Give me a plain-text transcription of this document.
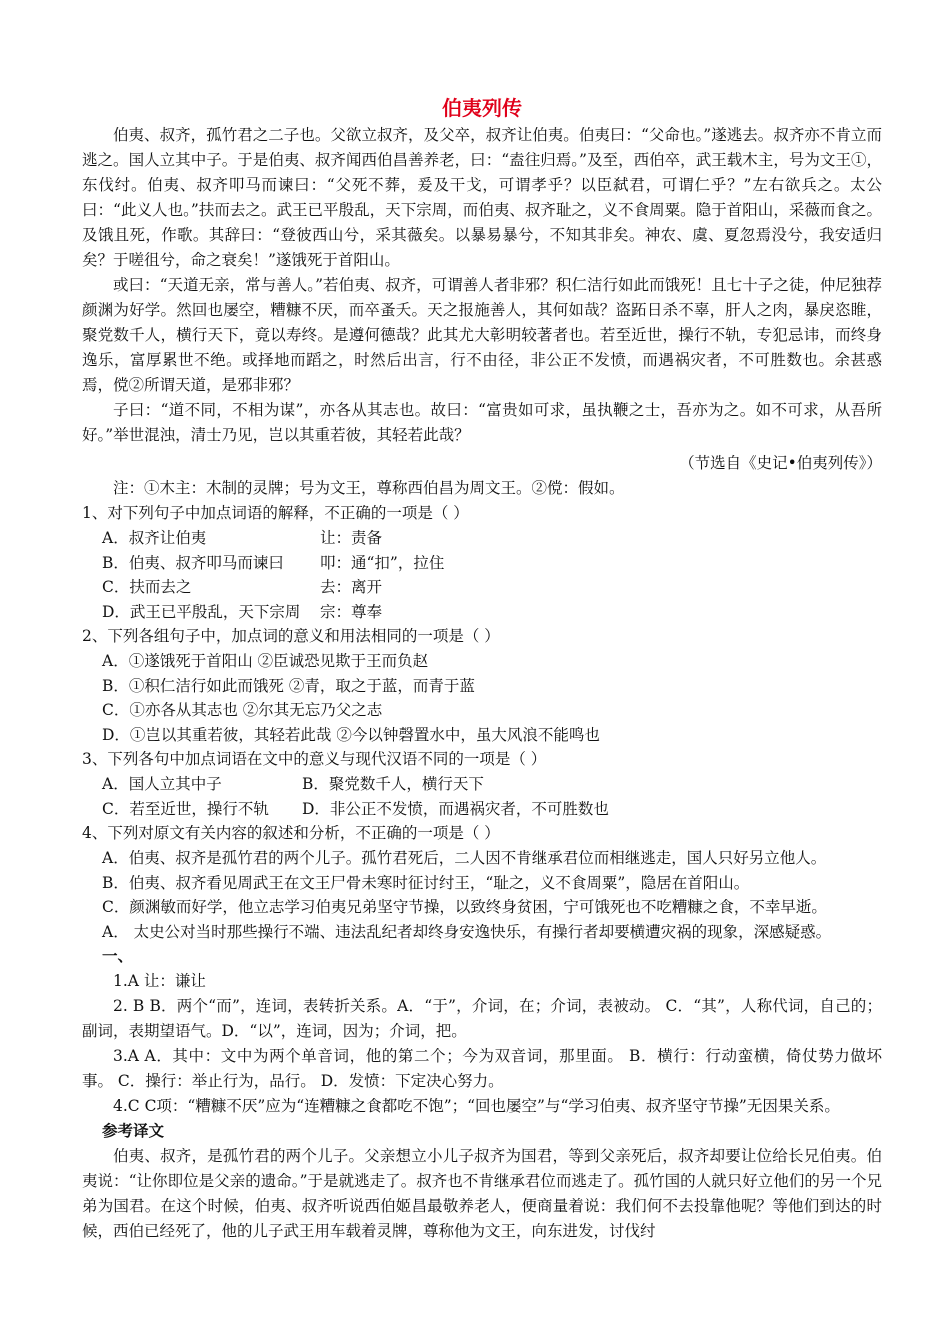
伯夷列传

伯夷、叔齐，孤竹君之二子也。父欲立叔齐，及父卒，叔齐让伯夷。伯夷曰：“父命也。”遂逃去。叔齐亦不肯立而逃之。国人立其中子。于是伯夷、叔齐闻西伯昌善养老，曰：“盍往归焉。”及至，西伯卒，武王载木主，号为文王①，东伐纣。伯夷、叔齐叩马而谏曰：“父死不葬，爰及干戈，可谓孝乎？以臣弑君，可谓仁乎？”左右欲兵之。太公曰：“此义人也。”扶而去之。武王已平殷乱，天下宗周，而伯夷、叔齐耻之，义不食周粟。隐于首阳山，采薇而食之。及饿且死，作歌。其辞曰：“登彼西山兮，采其薇矣。以暴易暴兮，不知其非矣。神农、虞、夏忽焉没兮，我安适归矣？于嗟徂兮，命之衰矣！”遂饿死于首阳山。

或曰：“天道无亲，常与善人。”若伯夷、叔齐，可谓善人者非邪？积仁洁行如此而饿死！且七十子之徒，仲尼独荐颜渊为好学。然回也屡空，糟糠不厌，而卒蚤夭。天之报施善人，其何如哉？盗跖日杀不辜，肝人之肉，暴戾恣睢，聚党数千人，横行天下，竟以寿终。是遵何德哉？此其尤大彰明较著者也。若至近世，操行不轨，专犯忌讳，而终身逸乐，富厚累世不绝。或择地而蹈之，时然后出言，行不由径，非公正不发愤，而遇祸灾者，不可胜数也。余甚惑焉，傥②所谓天道，是邪非邪？

子曰：“道不同，不相为谋”，亦各从其志也。故曰：“富贵如可求，虽执鞭之士，吾亦为之。如不可求，从吾所好。”举世混浊，清士乃见，岂以其重若彼，其轻若此哉？

（节选自《史记•伯夷列传》）

注：①木主：木制的灵牌；号为文王，尊称西伯昌为周文王。②傥：假如。

1、对下列句子中加点词语的解释，不正确的一项是（ ）
A．叔齐让伯夷	让：责备
B．伯夷、叔齐叩马而谏曰 叩：通“扣”，拉住
C．扶而去之	去：离开
D．武王已平殷乱，天下宗周 宗：尊奉
2、下列各组句子中，加点词的意义和用法相同的一项是（ ）
A．①遂饿死于首阳山 ②臣诚恐见欺于王而负赵
B．①积仁洁行如此而饿死 ②青，取之于蓝，而青于蓝
C．①亦各从其志也 ②尔其无忘乃父之志
D．①岂以其重若彼，其轻若此哉 ②今以钟磬置水中，虽大风浪不能鸣也
3、下列各句中加点词语在文中的意义与现代汉语不同的一项是（ ）
A．国人立其中子	B．聚党数千人，横行天下
C．若至近世，操行不轨 D．非公正不发愤，而遇祸灾者，不可胜数也
4、下列对原文有关内容的叙述和分析，不正确的一项是（ ）
A．伯夷、叔齐是孤竹君的两个儿子。孤竹君死后，二人因不肯继承君位而相继逃走，国人只好另立他人。
B．伯夷、叔齐看见周武王在文王尸骨未寒时征讨纣王，“耻之，义不食周粟”，隐居在首阳山。
C．颜渊敏而好学，他立志学习伯夷兄弟坚守节操，以致终身贫困，宁可饿死也不吃糟糠之食，不幸早逝。
A． 太史公对当时那些操行不端、违法乱纪者却终身安逸快乐，有操行者却要横遭灾祸的现象，深感疑惑。
一、

1.A 让：谦让

2. B B．两个“而”，连词，表转折关系。A．“于”，介词，在；介词，表被动。 C．“其”，人称代词，自己的；副词，表期望语气。D．“以”，连词，因为；介词，把。

3.A A．其中：文中为两个单音词，他的第二个；今为双音词，那里面。 B．横行：行动蛮横，倚仗势力做坏事。 C．操行：举止行为，品行。 D．发愤：下定决心努力。

4.C C项：“糟糠不厌”应为“连糟糠之食都吃不饱”；“回也屡空”与“学习伯夷、叔齐坚守节操”无因果关系。

参考译文

伯夷、叔齐，是孤竹君的两个儿子。父亲想立小儿子叔齐为国君，等到父亲死后，叔齐却要让位给长兄伯夷。伯夷说：“让你即位是父亲的遗命。”于是就逃走了。叔齐也不肯继承君位而逃走了。孤竹国的人就只好立他们的另一个兄弟为国君。在这个时候，伯夷、叔齐听说西伯姬昌最敬养老人，便商量着说：我们何不去投靠他呢？等他们到达的时候，西伯已经死了，他的儿子武王用车载着灵牌，尊称他为文王，向东进发，讨伐纣
